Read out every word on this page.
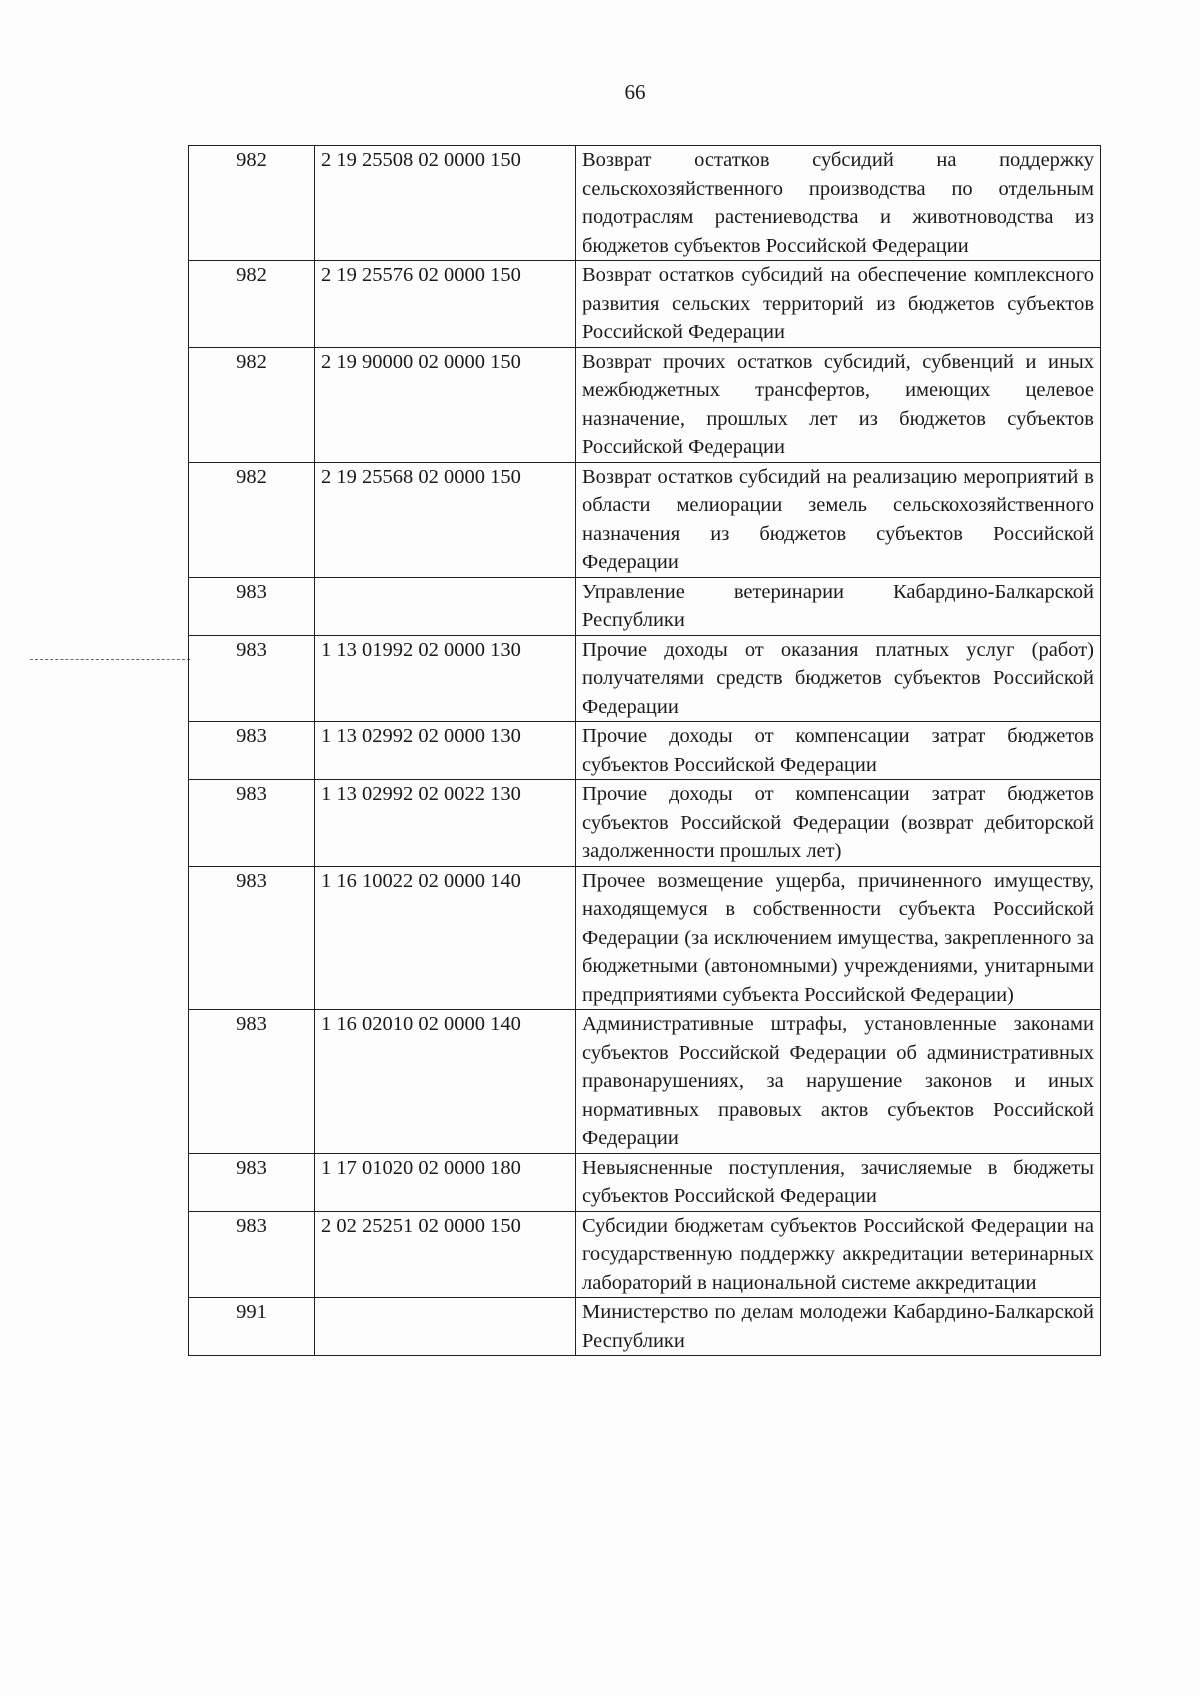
66
982	2 19 25508 02 0000 150	Возврат остатков субсидий на поддержку сельскохозяйственного производства по отдельным подотраслям растениеводства и животноводства из бюджетов субъектов Российской Федерации
982	2 19 25576 02 0000 150	Возврат остатков субсидий на обеспечение комплексного развития сельских территорий из бюджетов субъектов Российской Федерации
982	2 19 90000 02 0000 150	Возврат прочих остатков субсидий, субвенций и иных межбюджетных трансфертов, имеющих целевое назначение, прошлых лет из бюджетов субъектов Российской Федерации
982	2 19 25568 02 0000 150	Возврат остатков субсидий на реализацию мероприятий в области мелиорации земель сельскохозяйственного назначения из бюджетов субъектов Российской Федерации
983		Управление ветеринарии Кабардино-Балкарской Республики
983	1 13 01992 02 0000 130	Прочие доходы от оказания платных услуг (работ) получателями средств бюджетов субъектов Российской Федерации
983	1 13 02992 02 0000 130	Прочие доходы от компенсации затрат бюджетов субъектов Российской Федерации
983	1 13 02992 02 0022 130	Прочие доходы от компенсации затрат бюджетов субъектов Российской Федерации (возврат дебиторской задолженности прошлых лет)
983	1 16 10022 02 0000 140	Прочее возмещение ущерба, причиненного имуществу, находящемуся в собственности субъекта Российской Федерации (за исключением имущества, закрепленного за бюджетными (автономными) учреждениями, унитарными предприятиями субъекта Российской Федерации)
983	1 16 02010 02 0000 140	Административные штрафы, установленные законами субъектов Российской Федерации об административных правонарушениях, за нарушение законов и иных нормативных правовых актов субъектов Российской Федерации
983	1 17 01020 02 0000 180	Невыясненные поступления, зачисляемые в бюджеты субъектов Российской Федерации
983	2 02 25251 02 0000 150	Субсидии бюджетам субъектов Российской Федерации на государственную поддержку аккредитации ветеринарных лабораторий в национальной системе аккредитации
991		Министерство по делам молодежи Кабардино-Балкарской Республики
